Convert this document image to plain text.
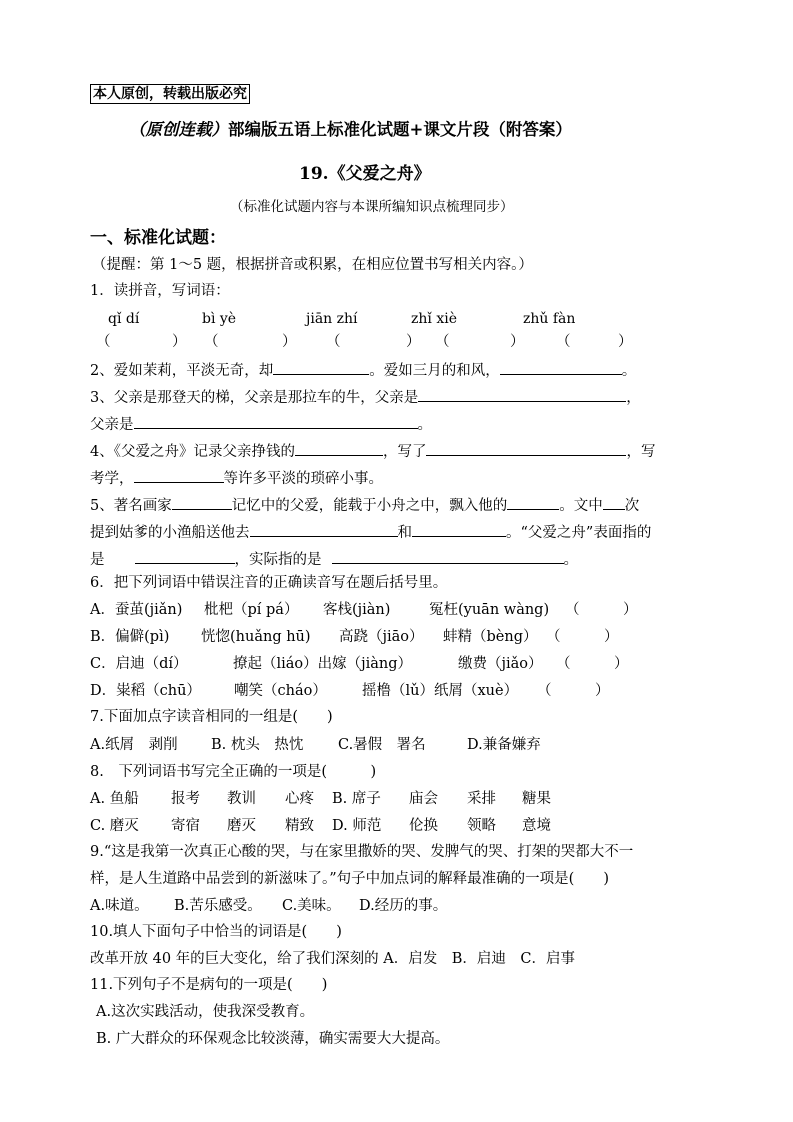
本人原创，转载出版必究
（原创连载）部编版五语上标准化试题+课文片段（附答案）
19.《父爱之舟》
（标准化试题内容与本课所编知识点梳理同步）
一、标准化试题：
（提醒：第 1～5 题，根据拼音或积累，在相应位置书写相关内容。）
1．读拼音，写词语：
qǐ dí	bì yè	jiān zhí	zhǐ xiè	zhǔ fàn
（	） （	） （	） （	） （	）
2、爱如茉莉，平淡无奇，却	。爱如三月的和风，	。
3、父亲是那登天的梯，父亲是那拉车的牛，父亲是	，
父亲是	。
4、《父爱之舟》记录父亲挣钱的	，写了	，写
考学，	等许多平淡的琐碎小事。
5、著名画家	记忆中的父爱，能载于小舟之中，飘入他的	。文中 次
提到姑爹的小渔船送他去	和	。“父爱之舟”表面指的
是	，实际指的是	。
6．把下列词语中错误注音的正确读音写在题后括号里。
A．蚕茧(jiǎn) 枇杷（pí pá） 客栈(jiàn)	冤枉(yuān wàng) （　　　）
B．偏僻(pì) 恍惚(huǎng hū) 高跷（jiāo） 蚌精（bèng） （　　　）
C．启迪（dí）	撩起（liáo）出嫁（jiàng）	缴费（jiǎo） （　　　）
D．粜稻（chū） 嘲笑（cháo） 摇橹（lǔ）纸屑（xuè） （　　　）
7.下面加点字读音相同的一组是(　　)
A.纸屑　剥削 B. 枕头　热忱 C.暑假　署名	D.兼备嫌弃
8.　下列词语书写完全正确的一项是(　　　)
A. 鱼船 报考 教训 心疼 B. 席子 庙会 采排 糖果
C. 磨灭 寄宿 磨灭 精致 D. 师范 伦换 领略 意境
9.“这是我第一次真正心酸的哭，与在家里撒娇的哭、发脾气的哭、打架的哭都大不一
样，是人生道路中品尝到的新滋味了。”句子中加点词的解释最准确的一项是(　　)
A.味道。 B.苦乐感受。 C.美味。 D.经历的事。
10.填人下面句子中恰当的词语是(　　)
改革开放 40 年的巨大变化，给了我们深刻的 A．启发　B．启迪　C．启事
11.下列句子不是病句的一项是(　　)
A.这次实践活动，使我深受教育。
B. 广大群众的环保观念比较淡薄，确实需要大大提高。
